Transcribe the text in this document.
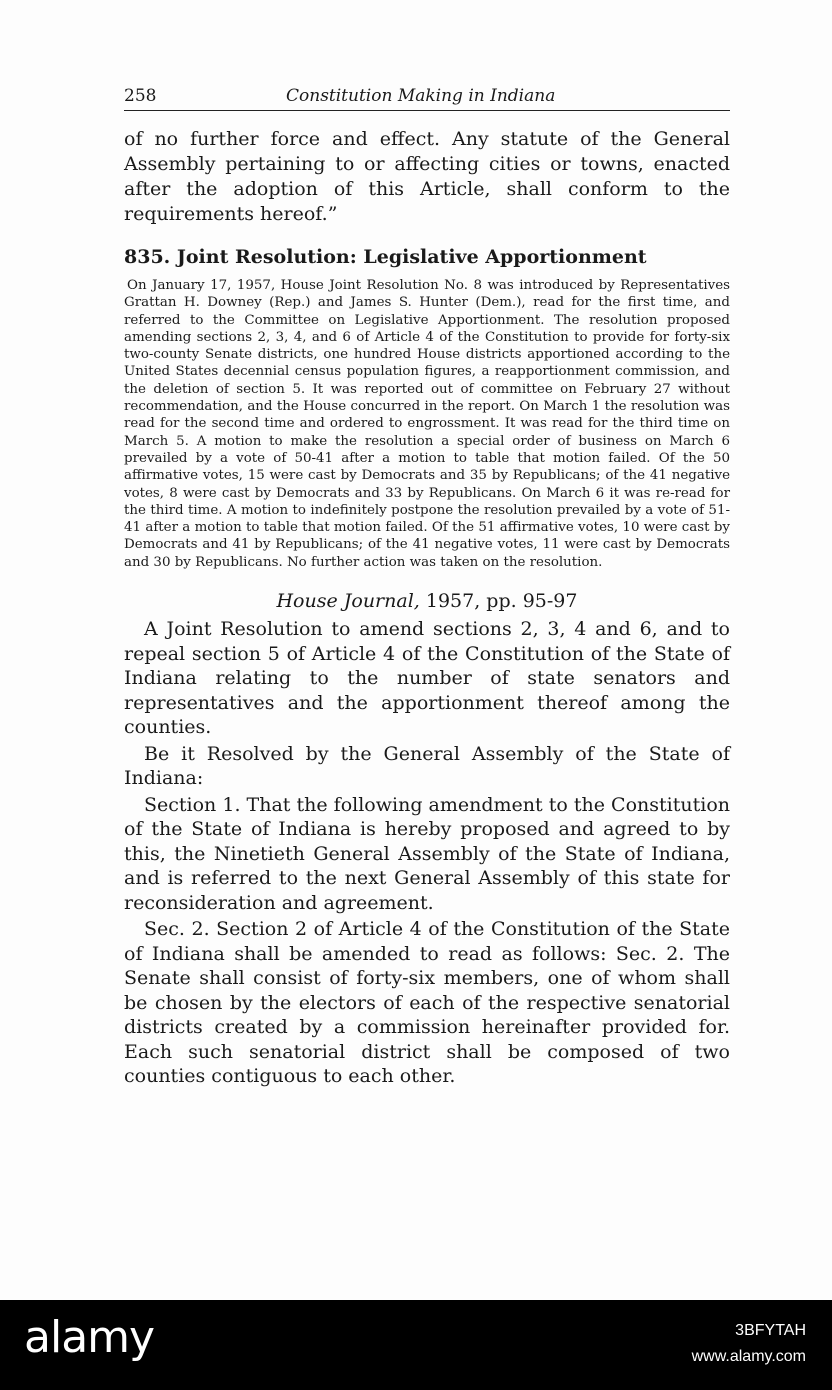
258	Constitution Making in Indiana

of no further force and effect. Any statute of the General Assembly pertaining to or affecting cities or towns, enacted after the adoption of this Article, shall conform to the requirements hereof.”

835. Joint Resolution: Legislative Apportionment

On January 17, 1957, House Joint Resolution No. 8 was introduced by Representatives Grattan H. Downey (Rep.) and James S. Hunter (Dem.), read for the first time, and referred to the Committee on Legislative Apportionment. The resolution proposed amending sections 2, 3, 4, and 6 of Article 4 of the Constitution to provide for forty-six two-county Senate districts, one hundred House districts apportioned according to the United States decennial census population figures, a reapportionment commission, and the deletion of section 5. It was reported out of committee on February 27 without recommendation, and the House concurred in the report. On March 1 the resolution was read for the second time and ordered to engrossment. It was read for the third time on March 5. A motion to make the resolution a special order of business on March 6 prevailed by a vote of 50-41 after a motion to table that motion failed. Of the 50 affirmative votes, 15 were cast by Democrats and 35 by Republicans; of the 41 negative votes, 8 were cast by Democrats and 33 by Republicans. On March 6 it was re-read for the third time. A motion to indefinitely postpone the resolution prevailed by a vote of 51-41 after a motion to table that motion failed. Of the 51 affirmative votes, 10 were cast by Democrats and 41 by Republicans; of the 41 negative votes, 11 were cast by Democrats and 30 by Republicans. No further action was taken on the resolution.

House Journal, 1957, pp. 95-97

A Joint Resolution to amend sections 2, 3, 4 and 6, and to repeal section 5 of Article 4 of the Constitution of the State of Indiana relating to the number of state senators and representatives and the apportionment thereof among the counties.

Be it Resolved by the General Assembly of the State of Indiana:

Section 1. That the following amendment to the Constitution of the State of Indiana is hereby proposed and agreed to by this, the Ninetieth General Assembly of the State of Indiana, and is referred to the next General Assembly of this state for reconsideration and agreement.

Sec. 2. Section 2 of Article 4 of the Constitution of the State of Indiana shall be amended to read as follows: Sec. 2. The Senate shall consist of forty-six members, one of whom shall be chosen by the electors of each of the respective senatorial districts created by a commission hereinafter provided for. Each such senatorial district shall be composed of two counties contiguous to each other.

alamy	3BFYTAH
www.alamy.com
